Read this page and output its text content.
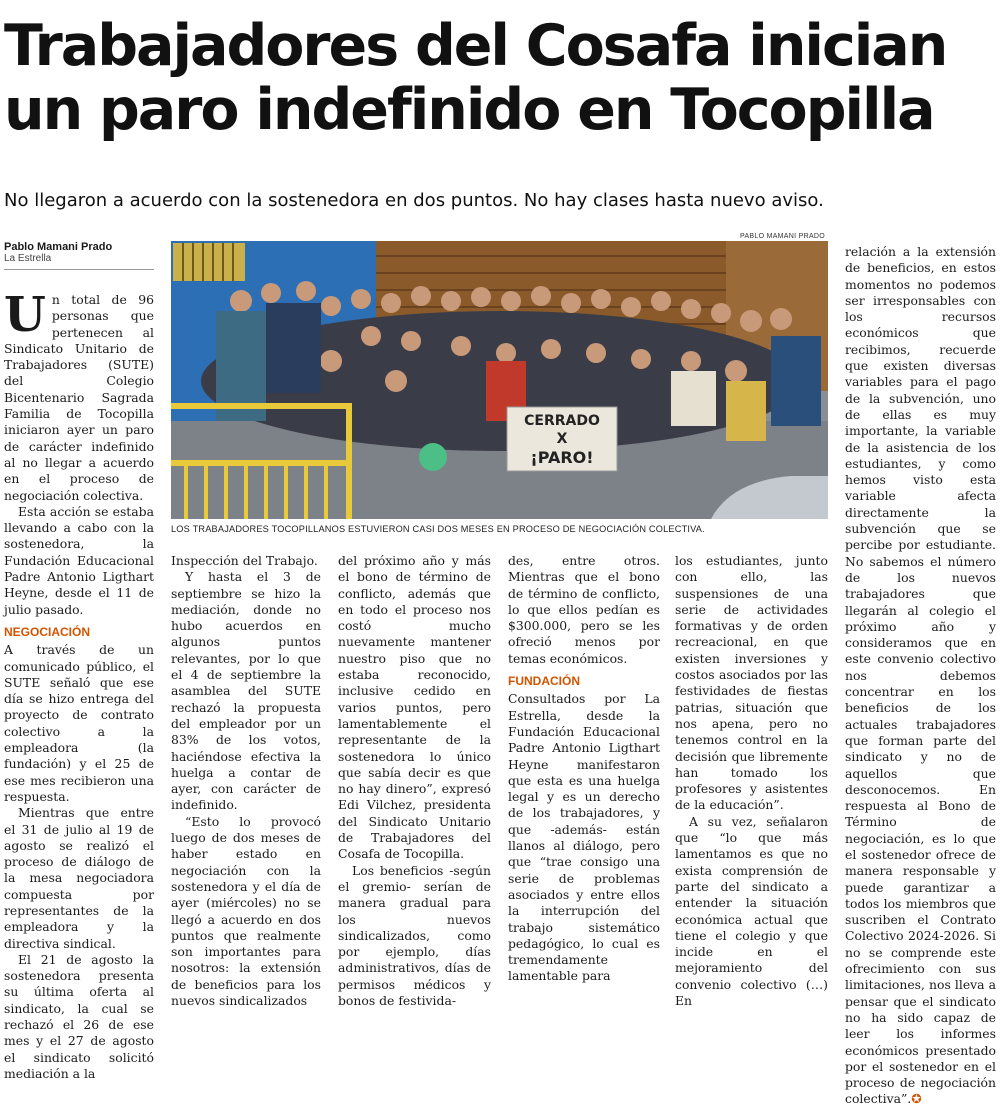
Trabajadores del Cosafa inician
un paro indefinido en Tocopilla

No llegaron a acuerdo con la sostenedora en dos puntos. No hay clases hasta nuevo aviso.

Pablo Mamani Prado
La Estrella
PABLO MAMANI PRADO
CERRADO
X
¡PARO!
LOS TRABAJADORES TOCOPILLANOS ESTUVIERON CASI DOS MESES EN PROCESO DE NEGOCIACIÓN COLECTIVA.

Un total de 96 personas que pertenecen al Sindicato Unitario de Trabajadores (SUTE) del Colegio Bicentenario Sagrada Familia de Tocopilla iniciaron ayer un paro de carácter indefinido al no llegar a acuerdo en el proceso de negociación colectiva.

Esta acción se estaba llevando a cabo con la sostenedora, la Fundación Educacional Padre Antonio Ligthart Heyne, desde el 11 de julio pasado.

NEGOCIACIÓN

A través de un comunicado público, el SUTE señaló que ese día se hizo entrega del proyecto de contrato colectivo a la empleadora (la fundación) y el 25 de ese mes recibieron una respuesta.

Mientras que entre el 31 de julio al 19 de agosto se realizó el proceso de diálogo de la mesa negociadora compuesta por representantes de la empleadora y la directiva sindical.

El 21 de agosto la sostenedora presenta su última oferta al sindicato, la cual se rechazó el 26 de ese mes y el 27 de agosto el sindicato solicitó mediación a la

Inspección del Trabajo.

Y hasta el 3 de septiembre se hizo la mediación, donde no hubo acuerdos en algunos puntos relevantes, por lo que el 4 de septiembre la asamblea del SUTE rechazó la propuesta del empleador por un 83% de los votos, haciéndose efectiva la huelga a contar de ayer, con carácter de indefinido.

“Esto lo provocó luego de dos meses de haber estado en negociación con la sostenedora y el día de ayer (miércoles) no se llegó a acuerdo en dos puntos que realmente son importantes para nosotros: la extensión de beneficios para los nuevos sindicalizados

del próximo año y más el bono de término de conflicto, además que en todo el proceso nos costó mucho nuevamente mantener nuestro piso que no estaba reconocido, inclusive cedido en varios puntos, pero lamentablemente el representante de la sostenedora lo único que sabía decir es que no hay dinero”, expresó Edi Vilchez, presidenta del Sindicato Unitario de Trabajadores del Cosafa de Tocopilla.

Los beneficios -según el gremio- serían de manera gradual para los nuevos sindicalizados, como por ejemplo, días administrativos, días de permisos médicos y bonos de festivida-

des, entre otros. Mientras que el bono de término de conflicto, lo que ellos pedían es $300.000, pero se les ofreció menos por temas económicos.

FUNDACIÓN

Consultados por La Estrella, desde la Fundación Educacional Padre Antonio Ligthart Heyne manifestaron que esta es una huelga legal y es un derecho de los trabajadores, y que -además- están llanos al diálogo, pero que “trae consigo una serie de problemas asociados y entre ellos la interrupción del trabajo sistemático pedagógico, lo cual es tremendamente lamentable para

los estudiantes, junto con ello, las suspensiones de una serie de actividades formativas y de orden recreacional, en que existen inversiones y costos asociados por las festividades de fiestas patrias, situación que nos apena, pero no tenemos control en la decisión que libremente han tomado los profesores y asistentes de la educación”.

A su vez, señalaron que “lo que más lamentamos es que no exista comprensión de parte del sindicato a entender la situación económica actual que tiene el colegio y que incide en el mejoramiento del convenio colectivo (…) En

relación a la extensión de beneficios, en estos momentos no podemos ser irresponsables con los recursos económicos que recibimos, recuerde que existen diversas variables para el pago de la subvención, uno de ellas es muy importante, la variable de la asistencia de los estudiantes, y como hemos visto esta variable afecta directamente la subvención que se percibe por estudiante. No sabemos el número de los nuevos trabajadores que llegarán al colegio el próximo año y consideramos que en este convenio colectivo nos debemos concentrar en los beneficios de los actuales trabajadores que forman parte del sindicato y no de aquellos que desconocemos. En respuesta al Bono de Término de negociación, es lo que el sostenedor ofrece de manera responsable y puede garantizar a todos los miembros que suscriben el Contrato Colectivo 2024-2026. Si no se comprende este ofrecimiento con sus limitaciones, nos lleva a pensar que el sindicato no ha sido capaz de leer los informes económicos presentado por el sostenedor en el proceso de negociación colectiva”.✪
